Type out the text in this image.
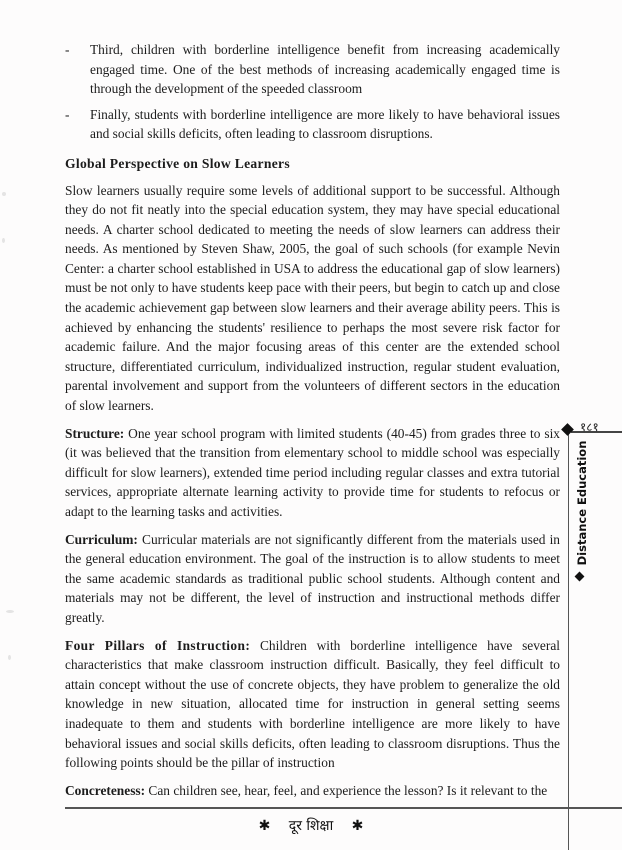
- Third, children with borderline intelligence benefit from increasing academically engaged time. One of the best methods of increasing academically engaged time is through the development of the speeded classroom
- Finally, students with borderline intelligence are more likely to have behavioral issues and social skills deficits, often leading to classroom disruptions.
Global Perspective on Slow Learners

Slow learners usually require some levels of additional support to be successful. Although they do not fit neatly into the special education system, they may have special educational needs. A charter school dedicated to meeting the needs of slow learners can address their needs. As mentioned by Steven Shaw, 2005, the goal of such schools (for example Nevin Center: a charter school established in USA to address the educational gap of slow learners) must be not only to have students keep pace with their peers, but begin to catch up and close the academic achievement gap between slow learners and their average ability peers. This is achieved by enhancing the students' resilience to perhaps the most severe risk factor for academic failure. And the major focusing areas of this center are the extended school structure, differentiated curriculum, individualized instruction, regular student evaluation, parental involvement and support from the volunteers of different sectors in the education of slow learners.

Structure: One year school program with limited students (40-45) from grades three to six (it was believed that the transition from elementary school to middle school was especially difficult for slow learners), extended time period including regular classes and extra tutorial services, appropriate alternate learning activity to provide time for students to refocus or adapt to the learning tasks and activities.

Curriculum: Curricular materials are not significantly different from the materials used in the general education environment. The goal of the instruction is to allow students to meet the same academic standards as traditional public school students. Although content and materials may not be different, the level of instruction and instructional methods differ greatly.

Four Pillars of Instruction: Children with borderline intelligence have several characteristics that make classroom instruction difficult. Basically, they feel difficult to attain concept without the use of concrete objects, they have problem to generalize the old knowledge in new situation, allocated time for instruction in general setting seems inadequate to them and students with borderline intelligence are more likely to have behavioral issues and social skills deficits, often leading to classroom disruptions. Thus the following points should be the pillar of instruction

Concreteness: Can children see, hear, feel, and experience the lesson? Is it relevant to the

१८१
Distance Education
✱ दूर शिक्षा ✱
